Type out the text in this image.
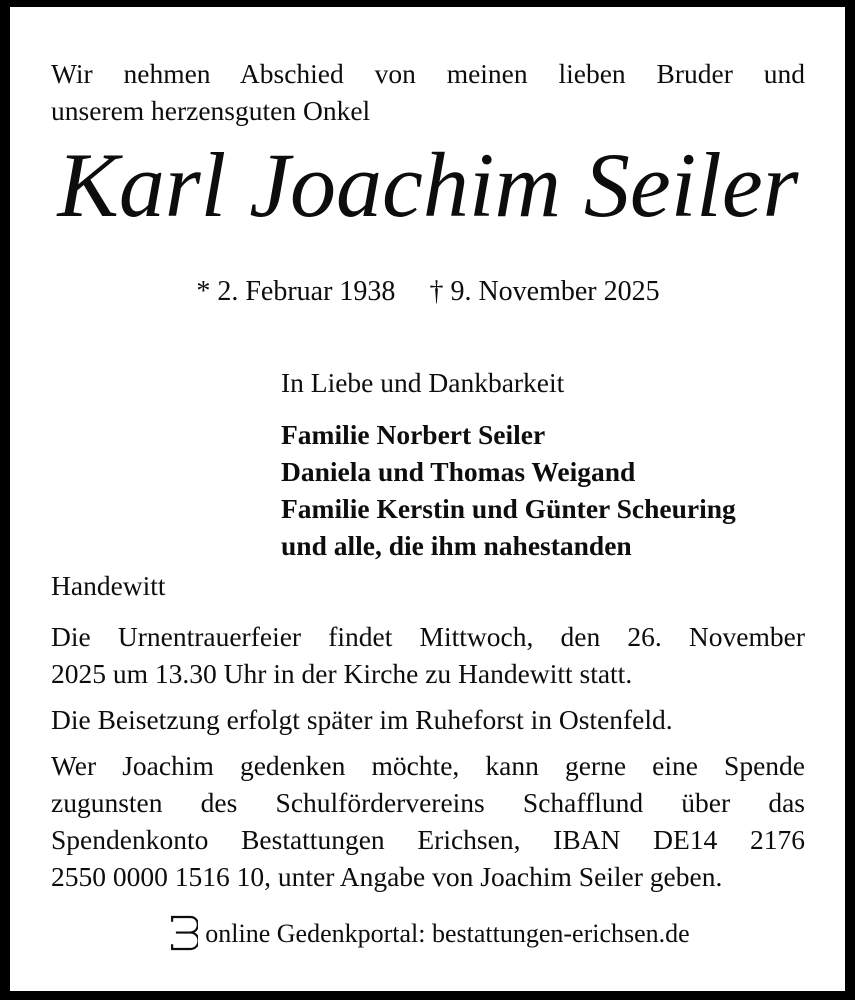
Wir nehmen Abschied von meinen lieben Bruder und
unserem herzensguten Onkel
Karl Joachim Seiler
* 2. Februar 1938 † 9. November 2025
In Liebe und Dankbarkeit
Familie Norbert Seiler
Daniela und Thomas Weigand
Familie Kerstin und Günter Scheuring
und alle, die ihm nahestanden
Handewitt
Die Urnentrauerfeier findet Mittwoch, den 26. November
2025 um 13.30 Uhr in der Kirche zu Handewitt statt.
Die Beisetzung erfolgt später im Ruheforst in Ostenfeld.
Wer Joachim gedenken möchte, kann gerne eine Spende
zugunsten des Schulfördervereins Schafflund über das
Spendenkonto Bestattungen Erichsen, IBAN DE14 2176
2550 0000 1516 10, unter Angabe von Joachim Seiler geben.
online Gedenkportal: bestattungen-erichsen.de
